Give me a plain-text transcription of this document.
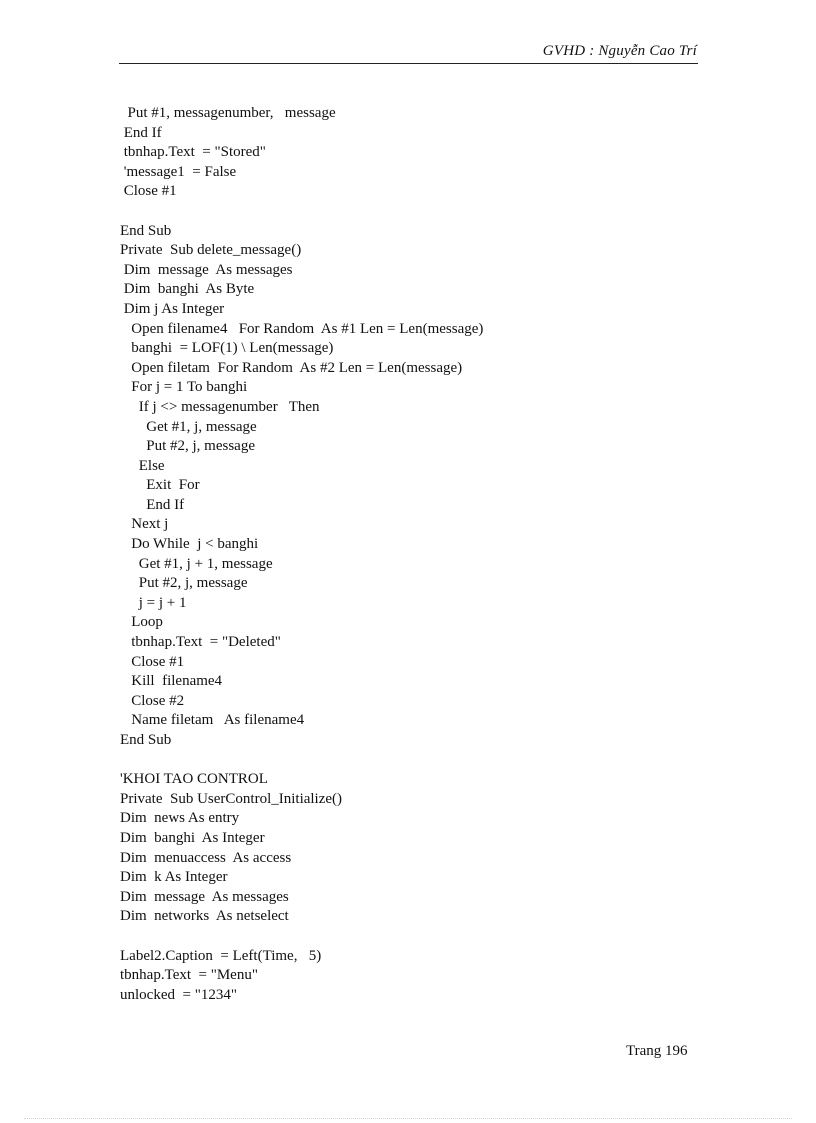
GVHD : Nguyễn Cao Trí
Put #1, messagenumber,   message
End If
tbnhap.Text  = "Stored"
'message1  = False
Close #1
End Sub
Private  Sub delete_message()
Dim  message  As messages
Dim  banghi  As Byte
Dim j As Integer
Open filename4   For Random  As #1 Len = Len(message)
banghi  = LOF(1) \ Len(message)
Open filetam  For Random  As #2 Len = Len(message)
For j = 1 To banghi
If j <> messagenumber   Then
Get #1, j, message
Put #2, j, message
Else
Exit  For
End If
Next j
Do While  j < banghi
Get #1, j + 1, message
Put #2, j, message
j = j + 1
Loop
tbnhap.Text  = "Deleted"
Close #1
Kill  filename4
Close #2
Name filetam   As filename4
End Sub
'KHOI TAO CONTROL
Private  Sub UserControl_Initialize()
Dim  news As entry
Dim  banghi  As Integer
Dim  menuaccess  As access
Dim  k As Integer
Dim  message  As messages
Dim  networks  As netselect
Label2.Caption  = Left(Time,   5)
tbnhap.Text  = "Menu"
unlocked  = "1234"
Trang 196
